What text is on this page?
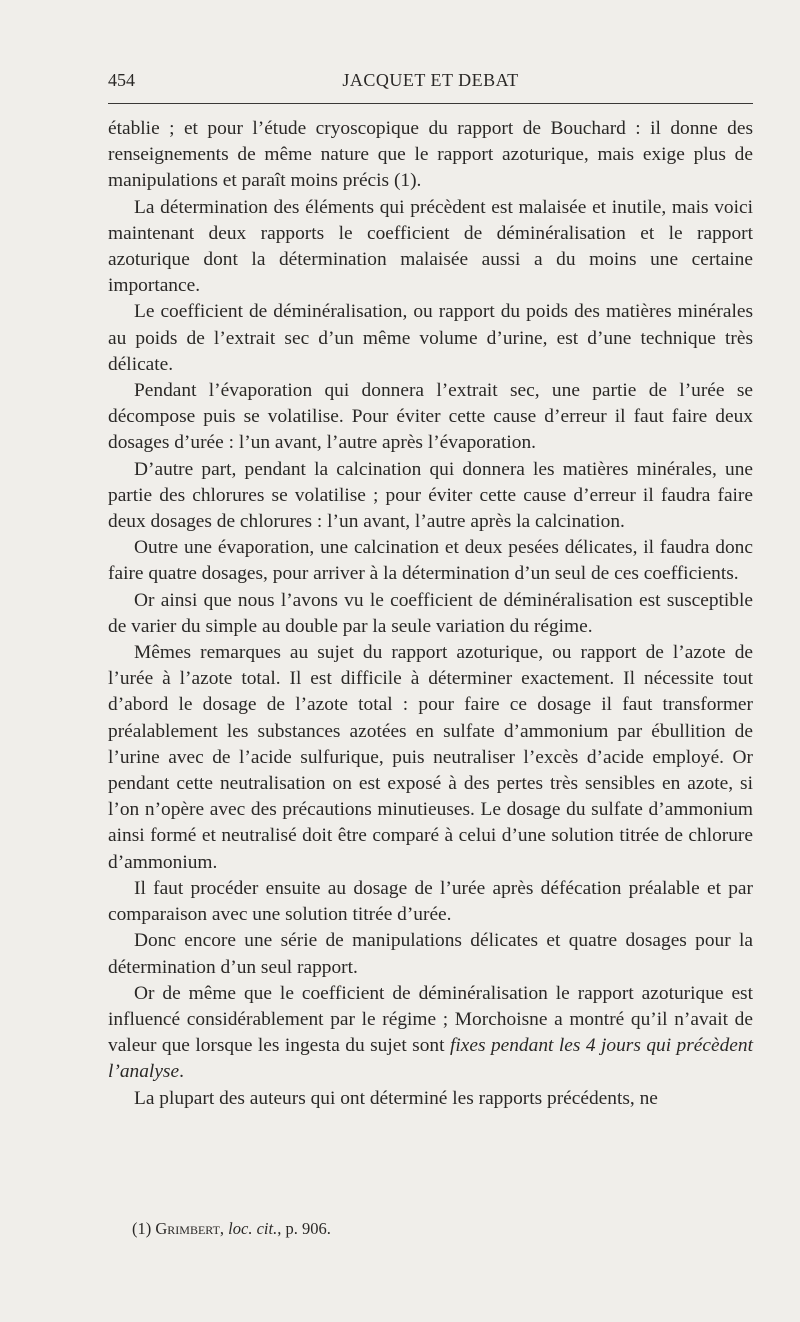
454	JACQUET ET DEBAT

établie ; et pour l’étude cryoscopique du rapport de Bouchard : il donne des renseignements de même nature que le rapport azoturique, mais exige plus de manipulations et paraît moins précis (1).

La détermination des éléments qui précèdent est malaisée et inutile, mais voici maintenant deux rapports le coefficient de déminéralisation et le rapport azoturique dont la détermination malaisée aussi a du moins une certaine importance.

Le coefficient de déminéralisation, ou rapport du poids des matières minérales au poids de l’extrait sec d’un même volume d’urine, est d’une technique très délicate.

Pendant l’évaporation qui donnera l’extrait sec, une partie de l’urée se décompose puis se volatilise. Pour éviter cette cause d’erreur il faut faire deux dosages d’urée : l’un avant, l’autre après l’évaporation.

D’autre part, pendant la calcination qui donnera les matières minérales, une partie des chlorures se volatilise ; pour éviter cette cause d’erreur il faudra faire deux dosages de chlorures : l’un avant, l’autre après la calcination.

Outre une évaporation, une calcination et deux pesées délicates, il faudra donc faire quatre dosages, pour arriver à la détermination d’un seul de ces coefficients.

Or ainsi que nous l’avons vu le coefficient de déminéralisation est susceptible de varier du simple au double par la seule variation du régime.

Mêmes remarques au sujet du rapport azoturique, ou rapport de l’azote de l’urée à l’azote total. Il est difficile à déterminer exactement. Il nécessite tout d’abord le dosage de l’azote total : pour faire ce dosage il faut transformer préalablement les substances azotées en sulfate d’ammonium par ébullition de l’urine avec de l’acide sulfurique, puis neutraliser l’excès d’acide employé. Or pendant cette neutralisation on est exposé à des pertes très sensibles en azote, si l’on n’opère avec des précautions minutieuses. Le dosage du sulfate d’ammonium ainsi formé et neutralisé doit être comparé à celui d’une solution titrée de chlorure d’ammonium.

Il faut procéder ensuite au dosage de l’urée après défécation préalable et par comparaison avec une solution titrée d’urée.

Donc encore une série de manipulations délicates et quatre dosages pour la détermination d’un seul rapport.

Or de même que le coefficient de déminéralisation le rapport azoturique est influencé considérablement par le régime ; Morchoisne a montré qu’il n’avait de valeur que lorsque les ingesta du sujet sont fixes pendant les 4 jours qui précèdent l’analyse.

La plupart des auteurs qui ont déterminé les rapports précédents, ne

(1) Grimbert, loc. cit., p. 906.
